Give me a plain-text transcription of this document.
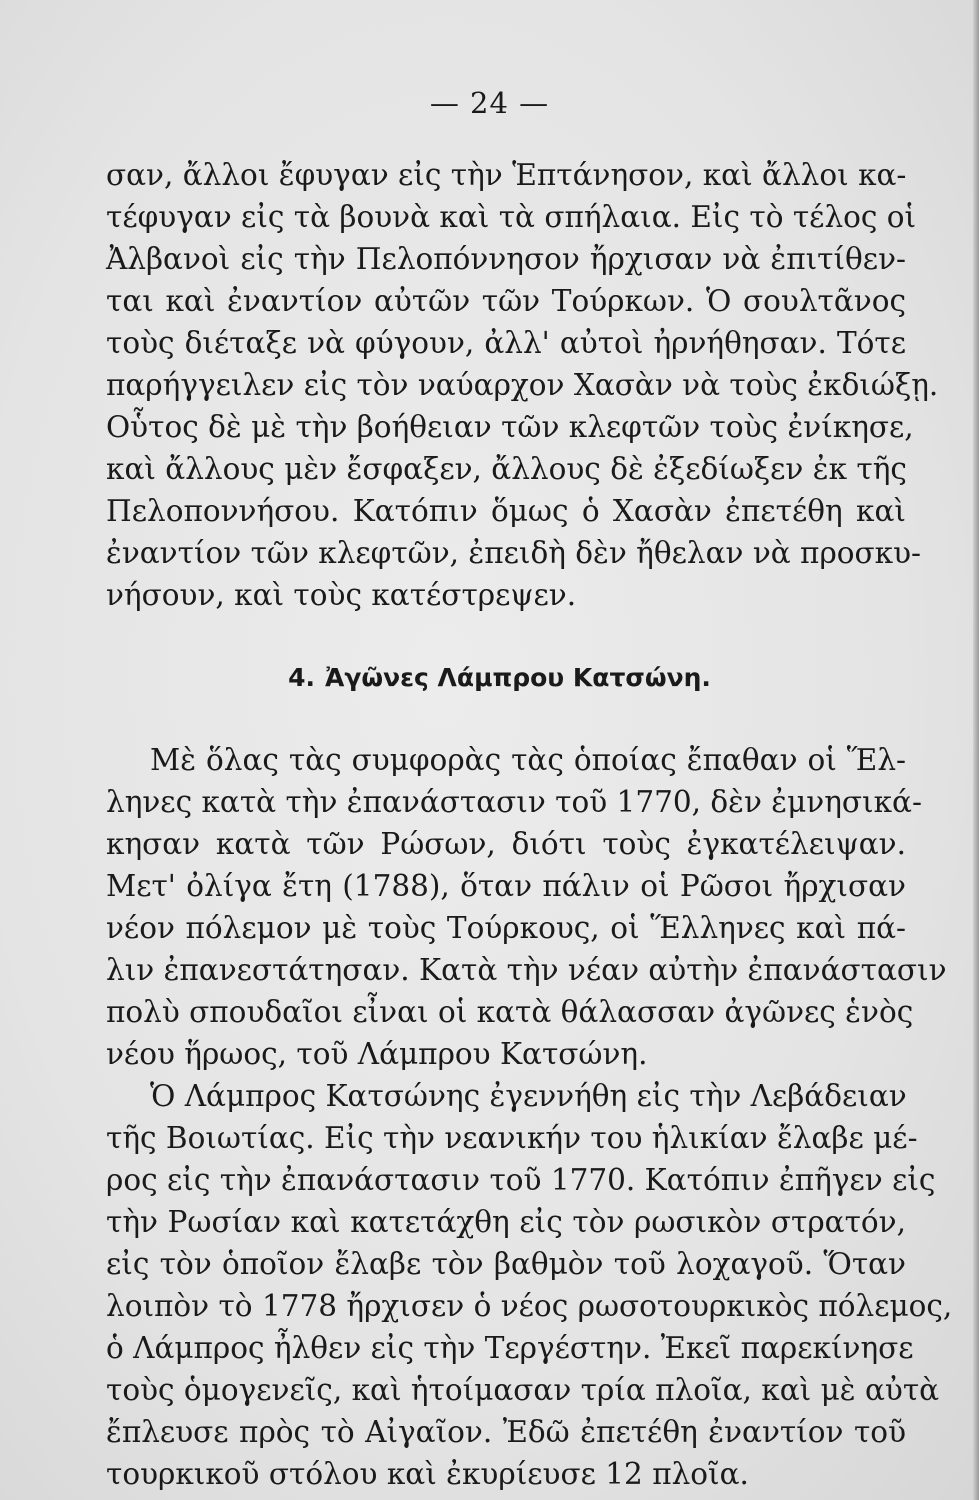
— 24 —
σαν, ἄλλοι ἔφυγαν εἰς τὴν Ἑπτάνησον, καὶ ἄλλοι κα-
τέφυγαν εἰς τὰ βουνὰ καὶ τὰ σπήλαια. Εἰς τὸ τέλος οἱ
Ἀλβανοὶ εἰς τὴν Πελοπόννησον ἤρχισαν νὰ ἐπιτίθεν-
ται καὶ ἐναντίον αὐτῶν τῶν Τούρκων. Ὁ σουλτᾶνος
τοὺς διέταξε νὰ φύγουν, ἀλλ' αὐτοὶ ἠρνήθησαν. Τότε
παρήγγειλεν εἰς τὸν ναύαρχον Χασὰν νὰ τοὺς ἐκδιώξῃ.
Οὗτος δὲ μὲ τὴν βοήθειαν τῶν κλεφτῶν τοὺς ἐνίκησε,
καὶ ἄλλους μὲν ἔσφαξεν, ἄλλους δὲ ἐξεδίωξεν ἐκ τῆς
Πελοποννήσου. Κατόπιν ὅμως ὁ Χασὰν ἐπετέθη καὶ
ἐναντίον τῶν κλεφτῶν, ἐπειδὴ δὲν ἤθελαν νὰ προσκυ-
νήσουν, καὶ τοὺς κατέστρεψεν.
4. Ἀγῶνες Λάμπρου Κατσώνη.
Μὲ ὅλας τὰς συμφορὰς τὰς ὁποίας ἔπαθαν οἱ Ἕλ-
ληνες κατὰ τὴν ἐπανάστασιν τοῦ 1770, δὲν ἐμνησικά-
κησαν κατὰ τῶν Ρώσων, διότι τοὺς ἐγκατέλειψαν.
Μετ' ὀλίγα ἔτη (1788), ὅταν πάλιν οἱ Ρῶσοι ἤρχισαν
νέον πόλεμον μὲ τοὺς Τούρκους, οἱ Ἕλληνες καὶ πά-
λιν ἐπανεστάτησαν. Κατὰ τὴν νέαν αὐτὴν ἐπανάστασιν
πολὺ σπουδαῖοι εἶναι οἱ κατὰ θάλασσαν ἀγῶνες ἑνὸς
νέου ἥρωος, τοῦ Λάμπρου Κατσώνη.
Ὁ Λάμπρος Κατσώνης ἐγεννήθη εἰς τὴν Λεβάδειαν
τῆς Βοιωτίας. Εἰς τὴν νεανικήν του ἡλικίαν ἔλαβε μέ-
ρος εἰς τὴν ἐπανάστασιν τοῦ 1770. Κατόπιν ἐπῆγεν εἰς
τὴν Ρωσίαν καὶ κατετάχθη εἰς τὸν ρωσικὸν στρατόν,
εἰς τὸν ὁποῖον ἔλαβε τὸν βαθμὸν τοῦ λοχαγοῦ. Ὅταν
λοιπὸν τὸ 1778 ἤρχισεν ὁ νέος ρωσοτουρκικὸς πόλεμος,
ὁ Λάμπρος ἦλθεν εἰς τὴν Τεργέστην. Ἐκεῖ παρεκίνησε
τοὺς ὁμογενεῖς, καὶ ἡτοίμασαν τρία πλοῖα, καὶ μὲ αὐτὰ
ἔπλευσε πρὸς τὸ Αἰγαῖον. Ἐδῶ ἐπετέθη ἐναντίον τοῦ
τουρκικοῦ στόλου καὶ ἐκυρίευσε 12 πλοῖα.
